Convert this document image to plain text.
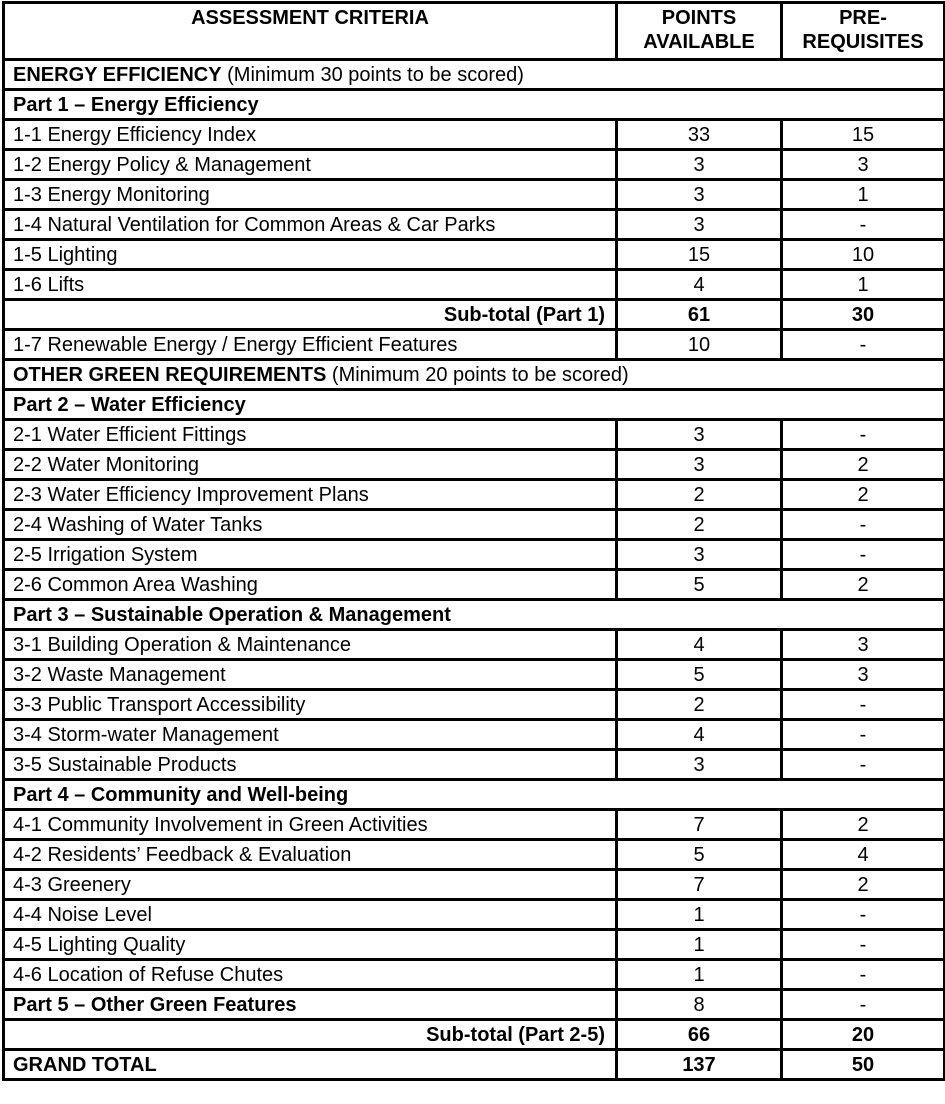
ASSESSMENT CRITERIA	POINTS AVAILABLE	PRE-REQUISITES
ENERGY EFFICIENCY (Minimum 30 points to be scored)		
Part 1 – Energy Efficiency		
1-1 Energy Efficiency Index	33	15
1-2 Energy Policy & Management	3	3
1-3 Energy Monitoring	3	1
1-4 Natural Ventilation for Common Areas & Car Parks	3	-
1-5 Lighting	15	10
1-6 Lifts	4	1
Sub-total (Part 1)	61	30
1-7 Renewable Energy / Energy Efficient Features	10	-
OTHER GREEN REQUIREMENTS (Minimum 20 points to be scored)		
Part 2 – Water Efficiency		
2-1 Water Efficient Fittings	3	-
2-2 Water Monitoring	3	2
2-3 Water Efficiency Improvement Plans	2	2
2-4 Washing of Water Tanks	2	-
2-5 Irrigation System	3	-
2-6 Common Area Washing	5	2
Part 3 – Sustainable Operation & Management		
3-1 Building Operation & Maintenance	4	3
3-2 Waste Management	5	3
3-3 Public Transport Accessibility	2	-
3-4 Storm-water Management	4	-
3-5 Sustainable Products	3	-
Part 4 – Community and Well-being		
4-1 Community Involvement in Green Activities	7	2
4-2 Residents’ Feedback & Evaluation	5	4
4-3 Greenery	7	2
4-4 Noise Level	1	-
4-5 Lighting Quality	1	-
4-6 Location of Refuse Chutes	1	-
Part 5 – Other Green Features	8	-
Sub-total (Part 2-5)	66	20
GRAND TOTAL	137	50
